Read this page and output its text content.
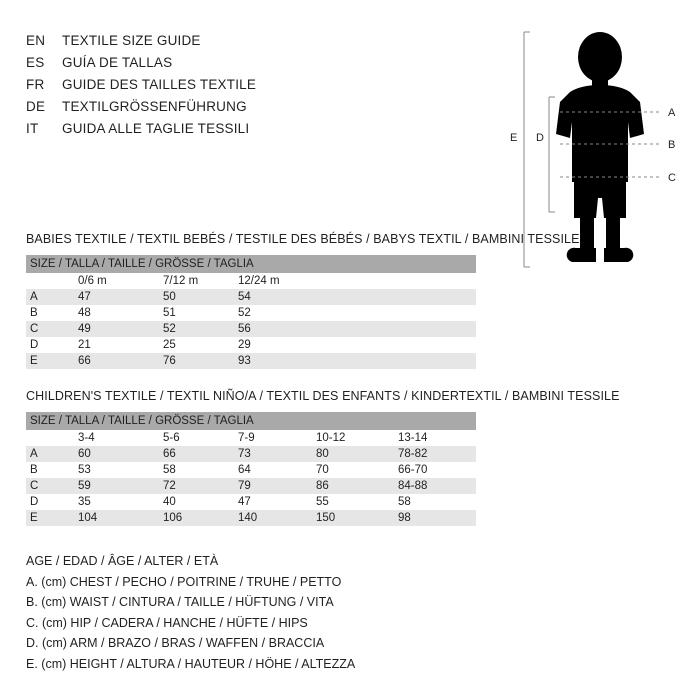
EN	TEXTILE SIZE GUIDE
ES	GUÍA DE TALLAS
FR	GUIDE DES TAILLES TEXTILE
DE	TEXTILGRÖSSENFÜHRUNG
IT	GUIDA ALLE TAGLIE TESSILI
A
B
C
D
E
BABIES TEXTILE / TEXTIL BEBÉS / TESTILE DES BÉBÉS / BABYS TEXTIL / BAMBINI TESSILE
SIZE / TALLA / TAILLE / GRÖSSE / TAGLIA			
	0/6 m	7/12 m	12/24 m
A	47	50	54
B	48	51	52
C	49	52	56
D	21	25	29
E	66	76	93
CHILDREN'S TEXTILE / TEXTIL NIÑO/A / TEXTIL DES ENFANTS / KINDERTEXTIL / BAMBINI TESSILE
SIZE / TALLA / TAILLE / GRÖSSE / TAGLIA					
	3-4	5-6	7-9	10-12	13-14
A	60	66	73	80	78-82
B	53	58	64	70	66-70
C	59	72	79	86	84-88
D	35	40	47	55	58
E	104	106	140	150	98
AGE / EDAD / ÂGE / ALTER / ETÀ
A. (cm) CHEST / PECHO / POITRINE / TRUHE / PETTO
B. (cm) WAIST / CINTURA / TAILLE / HÜFTUNG / VITA
C. (cm) HIP / CADERA / HANCHE / HÜFTE / HIPS
D. (cm) ARM / BRAZO / BRAS / WAFFEN / BRACCIA
E. (cm) HEIGHT / ALTURA / HAUTEUR / HÖHE / ALTEZZA
